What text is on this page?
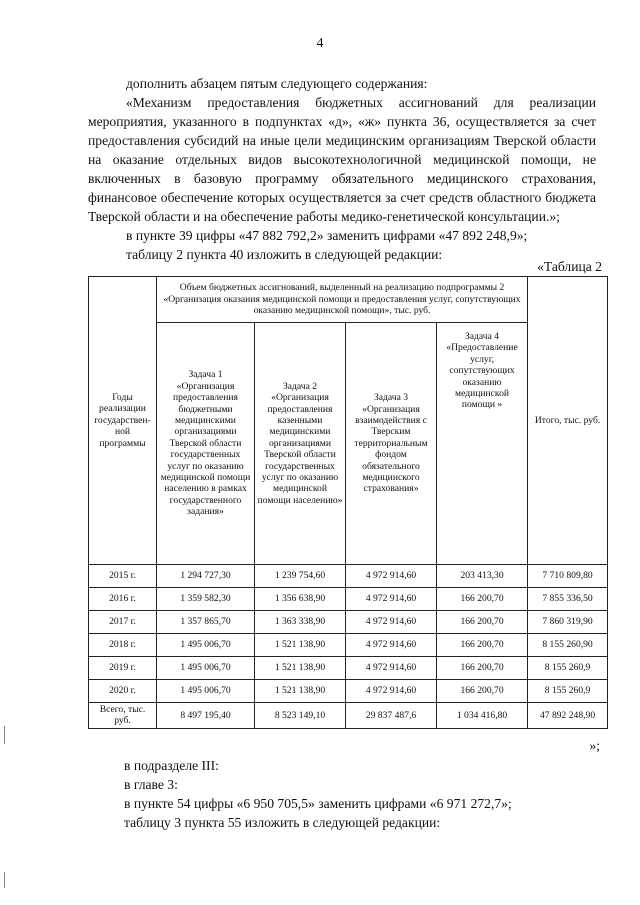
4

дополнить абзацем пятым следующего содержания:

«Механизм предоставления бюджетных ассигнований для реализации мероприятия, указанного в подпунктах «д», «ж» пункта 36, осуществляется за счет предоставления субсидий на иные цели медицинским организациям Тверской области на оказание отдельных видов высокотехнологичной медицинской помощи, не включенных в базовую программу обязательного медицинского страхования, финансовое обеспечение которых осуществляется за счет средств областного бюджета Тверской области и на обеспечение работы медико-генетической консультации.»;

в пункте 39 цифры «47 882 792,2» заменить цифрами «47 892 248,9»;

таблицу 2 пункта 40 изложить в следующей редакции:

«Таблица 2
Годы реализации государствен-ной программы	Объем бюджетных ассигнований, выделенный на реализацию подпрограммы 2 «Организация оказания медицинской помощи и предоставления услуг, сопутствующих оказанию медицинской помощи», тыс. руб.				Итого, тыс. руб.
	Задача 1 «Организация предоставления бюджетными медицинскими организациями Тверской области государственных услуг по оказанию медицинской помощи населению в рамках государственного задания»	Задача 2 «Организация предоставления казенными медицинскими организациями Тверской области государственных услуг по оказанию медицинской помощи населению»	Задача 3 «Организация взаимодействия с Тверским территориальным фондом обязательного медицинского страхования»	Задача 4 «Предоставление услуг, сопутствующих оказанию медицинской помощи »	
2015 г.	1 294 727,30	1 239 754,60	4 972 914,60	203 413,30	7 710 809,80
2016 г.	1 359 582,30	1 356 638,90	4 972 914,60	166 200,70	7 855 336,50
2017 г.	1 357 865,70	1 363 338,90	4 972 914,60	166 200,70	7 860 319,90
2018 г.	1 495 006,70	1 521 138,90	4 972 914,60	166 200,70	8 155 260,90
2019 г.	1 495 006,70	1 521 138,90	4 972 914,60	166 200,70	8 155 260,9
2020 г.	1 495 006,70	1 521 138,90	4 972 914,60	166 200,70	8 155 260,9
Всего, тыс. руб.	8 497 195,40	8 523 149,10	29 837 487,6	1 034 416,80	47 892 248,90
»;
в подразделе III:
в главе 3:
в пункте 54 цифры «6 950 705,5» заменить цифрами «6 971 272,7»;
таблицу 3 пункта 55 изложить в следующей редакции:
